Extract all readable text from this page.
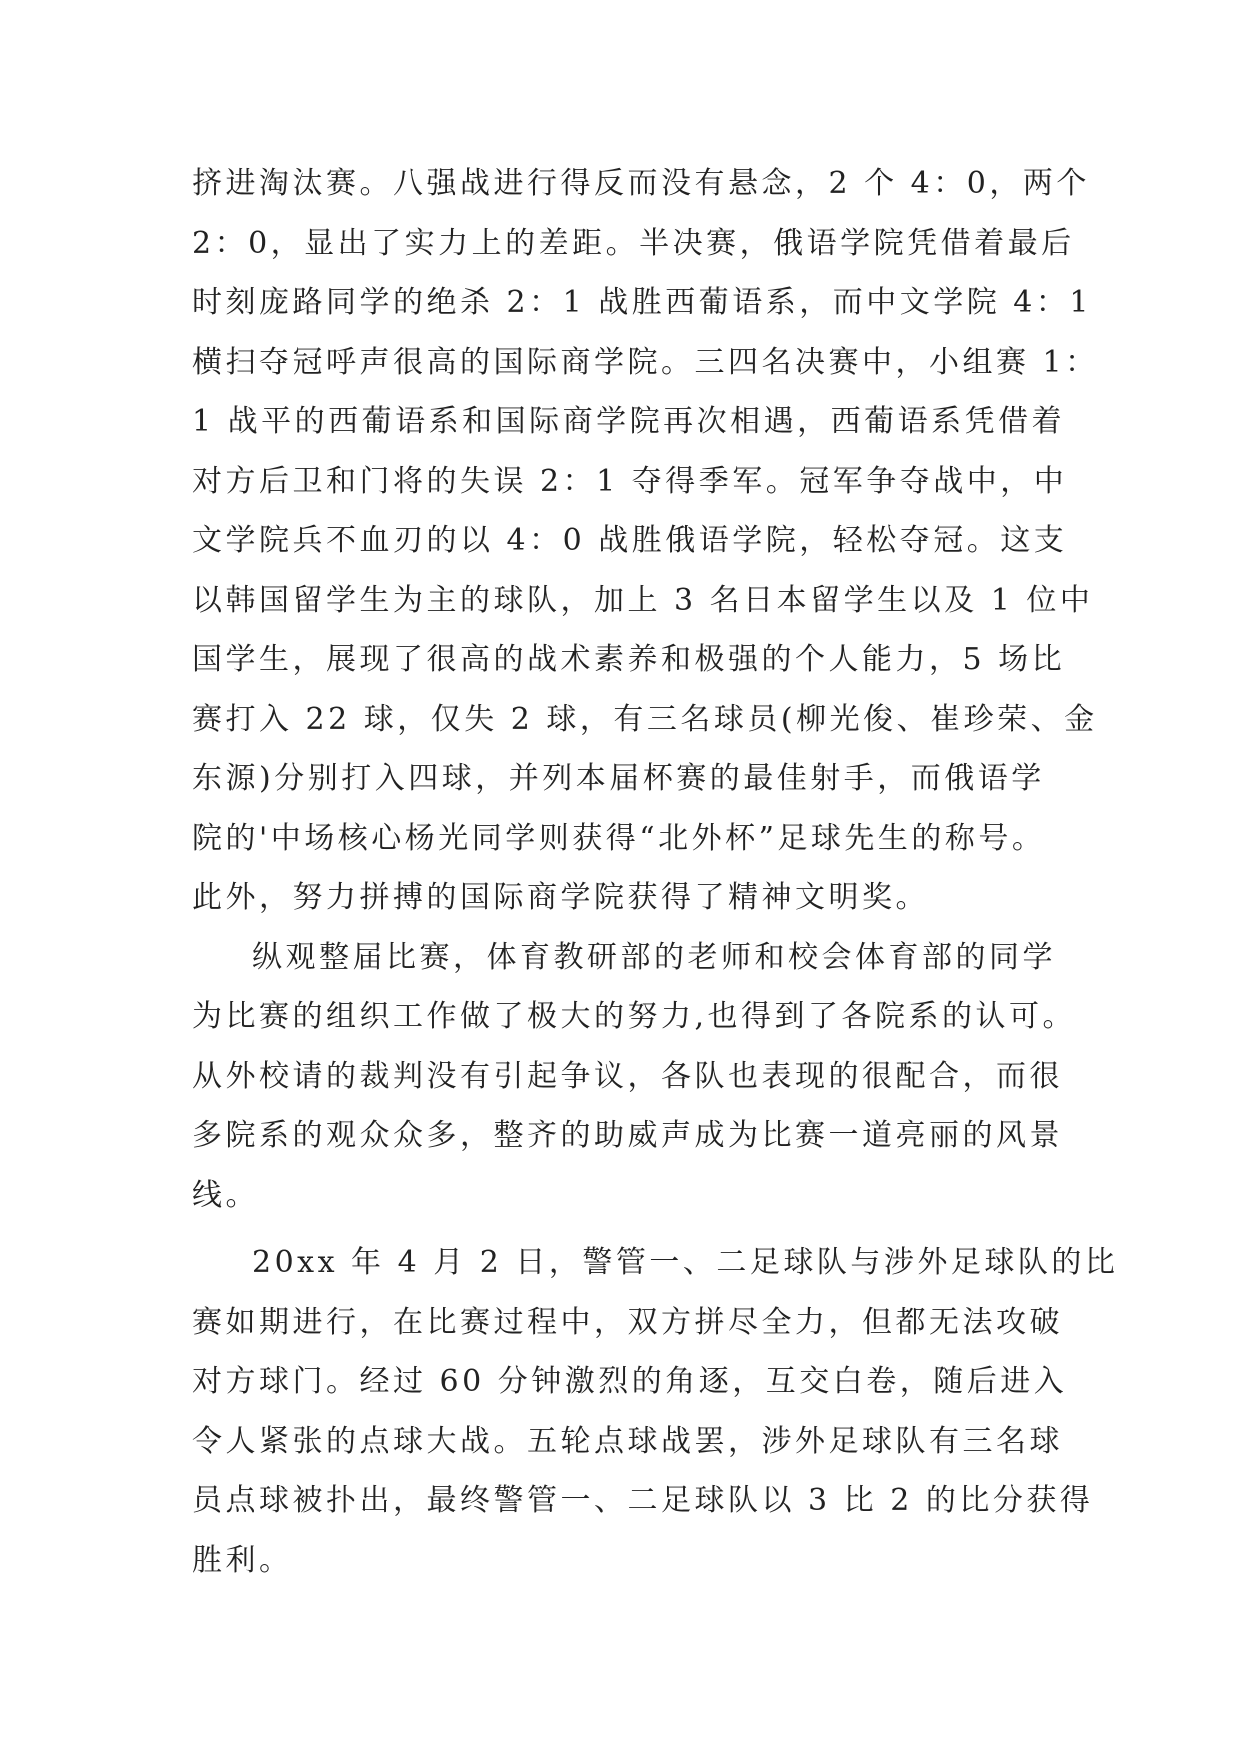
挤进淘汰赛。八强战进行得反而没有悬念，2 个 4：0，两个
2：0，显出了实力上的差距。半决赛，俄语学院凭借着最后
时刻庞路同学的绝杀 2：1 战胜西葡语系，而中文学院 4：1
横扫夺冠呼声很高的国际商学院。三四名决赛中，小组赛 1：
1 战平的西葡语系和国际商学院再次相遇，西葡语系凭借着
对方后卫和门将的失误 2：1 夺得季军。冠军争夺战中，中
文学院兵不血刃的以 4：0 战胜俄语学院，轻松夺冠。这支
以韩国留学生为主的球队，加上 3 名日本留学生以及 1 位中
国学生，展现了很高的战术素养和极强的个人能力，5 场比
赛打入 22 球，仅失 2 球，有三名球员(柳光俊、崔珍荣、金
东源)分别打入四球，并列本届杯赛的最佳射手，而俄语学
院的'中场核心杨光同学则获得“北外杯”足球先生的称号。
此外，努力拼搏的国际商学院获得了精神文明奖。
纵观整届比赛，体育教研部的老师和校会体育部的同学
为比赛的组织工作做了极大的努力,也得到了各院系的认可。
从外校请的裁判没有引起争议，各队也表现的很配合，而很
多院系的观众众多，整齐的助威声成为比赛一道亮丽的风景
线。
20xx 年 4 月 2 日，警管一、二足球队与涉外足球队的比
赛如期进行，在比赛过程中，双方拼尽全力，但都无法攻破
对方球门。经过 60 分钟激烈的角逐，互交白卷，随后进入
令人紧张的点球大战。五轮点球战罢，涉外足球队有三名球
员点球被扑出，最终警管一、二足球队以 3 比 2 的比分获得
胜利。
